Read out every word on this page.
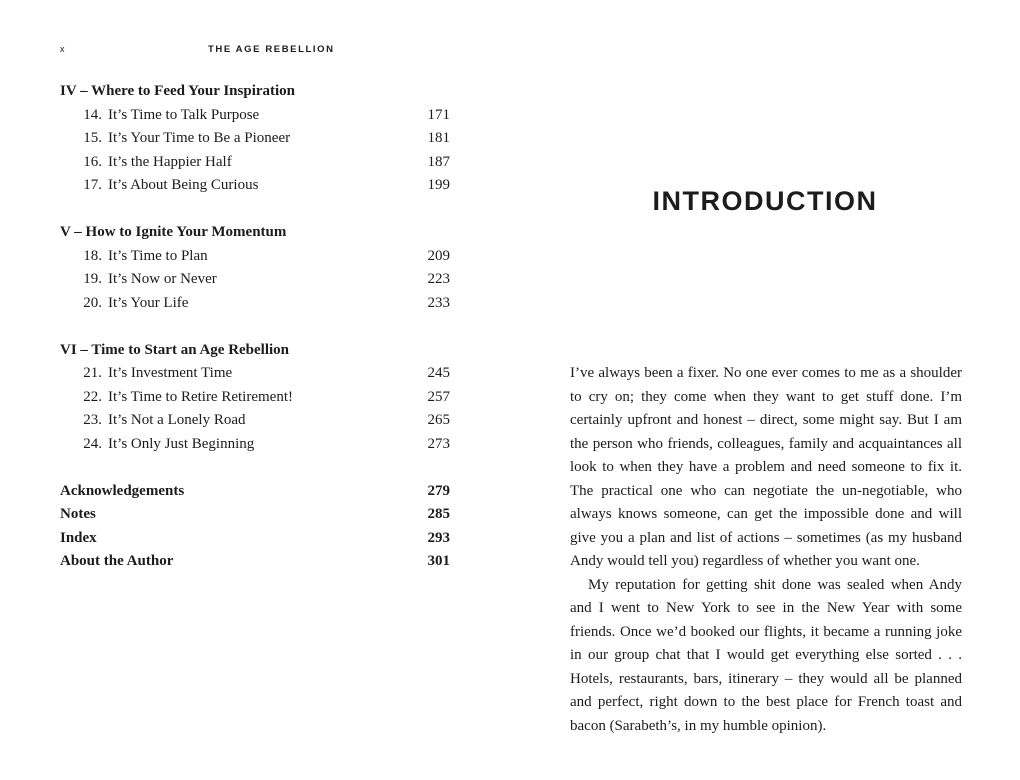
x	THE AGE REBELLION
IV – Where to Feed Your Inspiration
14. It’s Time to Talk Purpose	171
15. It’s Your Time to Be a Pioneer	181
16. It’s the Happier Half	187
17. It’s About Being Curious	199
V – How to Ignite Your Momentum
18. It’s Time to Plan	209
19. It’s Now or Never	223
20. It’s Your Life	233
VI – Time to Start an Age Rebellion
21. It’s Investment Time	245
22. It’s Time to Retire Retirement!	257
23. It’s Not a Lonely Road	265
24. It’s Only Just Beginning	273
Acknowledgements	279
Notes	285
Index	293
About the Author	301
INTRODUCTION

I’ve always been a fixer. No one ever comes to me as a shoulder to cry on; they come when they want to get stuff done. I’m certainly upfront and honest – direct, some might say. But I am the person who friends, colleagues, family and acquaintances all look to when they have a problem and need someone to fix it. The practical one who can negotiate the un-negotiable, who always knows someone, can get the impossible done and will give you a plan and list of actions – sometimes (as my husband Andy would tell you) regardless of whether you want one.

My reputation for getting shit done was sealed when Andy and I went to New York to see in the New Year with some friends. Once we’d booked our flights, it became a running joke in our group chat that I would get everything else sorted . . . Hotels, restaurants, bars, itinerary – they would all be planned and perfect, right down to the best place for French toast and bacon (Sarabeth’s, in my humble opinion).
